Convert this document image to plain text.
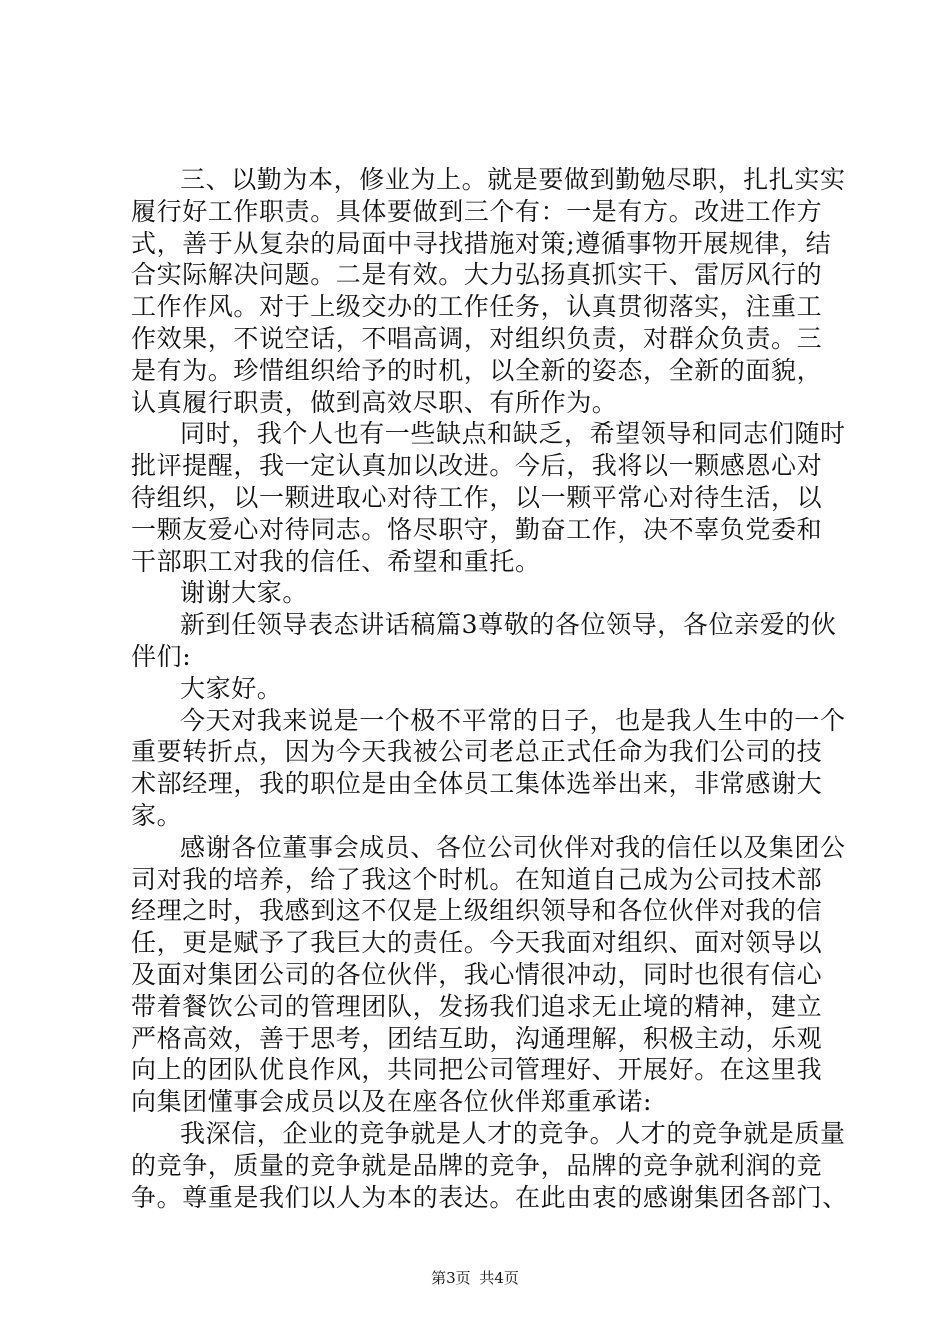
三、以勤为本，修业为上。就是要做到勤勉尽职，扎扎实实
履行好工作职责。具体要做到三个有：一是有方。改进工作方
式，善于从复杂的局面中寻找措施对策;遵循事物开展规律，结
合实际解决问题。二是有效。大力弘扬真抓实干、雷厉风行的
工作作风。对于上级交办的工作任务，认真贯彻落实，注重工
作效果，不说空话，不唱高调，对组织负责，对群众负责。三
是有为。珍惜组织给予的时机，以全新的姿态，全新的面貌，
认真履行职责，做到高效尽职、有所作为。
同时，我个人也有一些缺点和缺乏，希望领导和同志们随时
批评提醒，我一定认真加以改进。今后，我将以一颗感恩心对
待组织，以一颗进取心对待工作，以一颗平常心对待生活，以
一颗友爱心对待同志。恪尽职守，勤奋工作，决不辜负党委和
干部职工对我的信任、希望和重托。
谢谢大家。
新到任领导表态讲话稿篇3尊敬的各位领导，各位亲爱的伙
伴们:
大家好。
今天对我来说是一个极不平常的日子，也是我人生中的一个
重要转折点，因为今天我被公司老总正式任命为我们公司的技
术部经理，我的职位是由全体员工集体选举出来，非常感谢大
家。
感谢各位董事会成员、各位公司伙伴对我的信任以及集团公
司对我的培养，给了我这个时机。在知道自己成为公司技术部
经理之时，我感到这不仅是上级组织领导和各位伙伴对我的信
任，更是赋予了我巨大的责任。今天我面对组织、面对领导以
及面对集团公司的各位伙伴，我心情很冲动，同时也很有信心
带着餐饮公司的管理团队，发扬我们追求无止境的精神，建立
严格高效，善于思考，团结互助，沟通理解，积极主动，乐观
向上的团队优良作风，共同把公司管理好、开展好。在这里我
向集团懂事会成员以及在座各位伙伴郑重承诺:
我深信，企业的竞争就是人才的竞争。人才的竞争就是质量
的竞争，质量的竞争就是品牌的竞争，品牌的竞争就利润的竞
争。尊重是我们以人为本的表达。在此由衷的感谢集团各部门、
第3页 共4页
